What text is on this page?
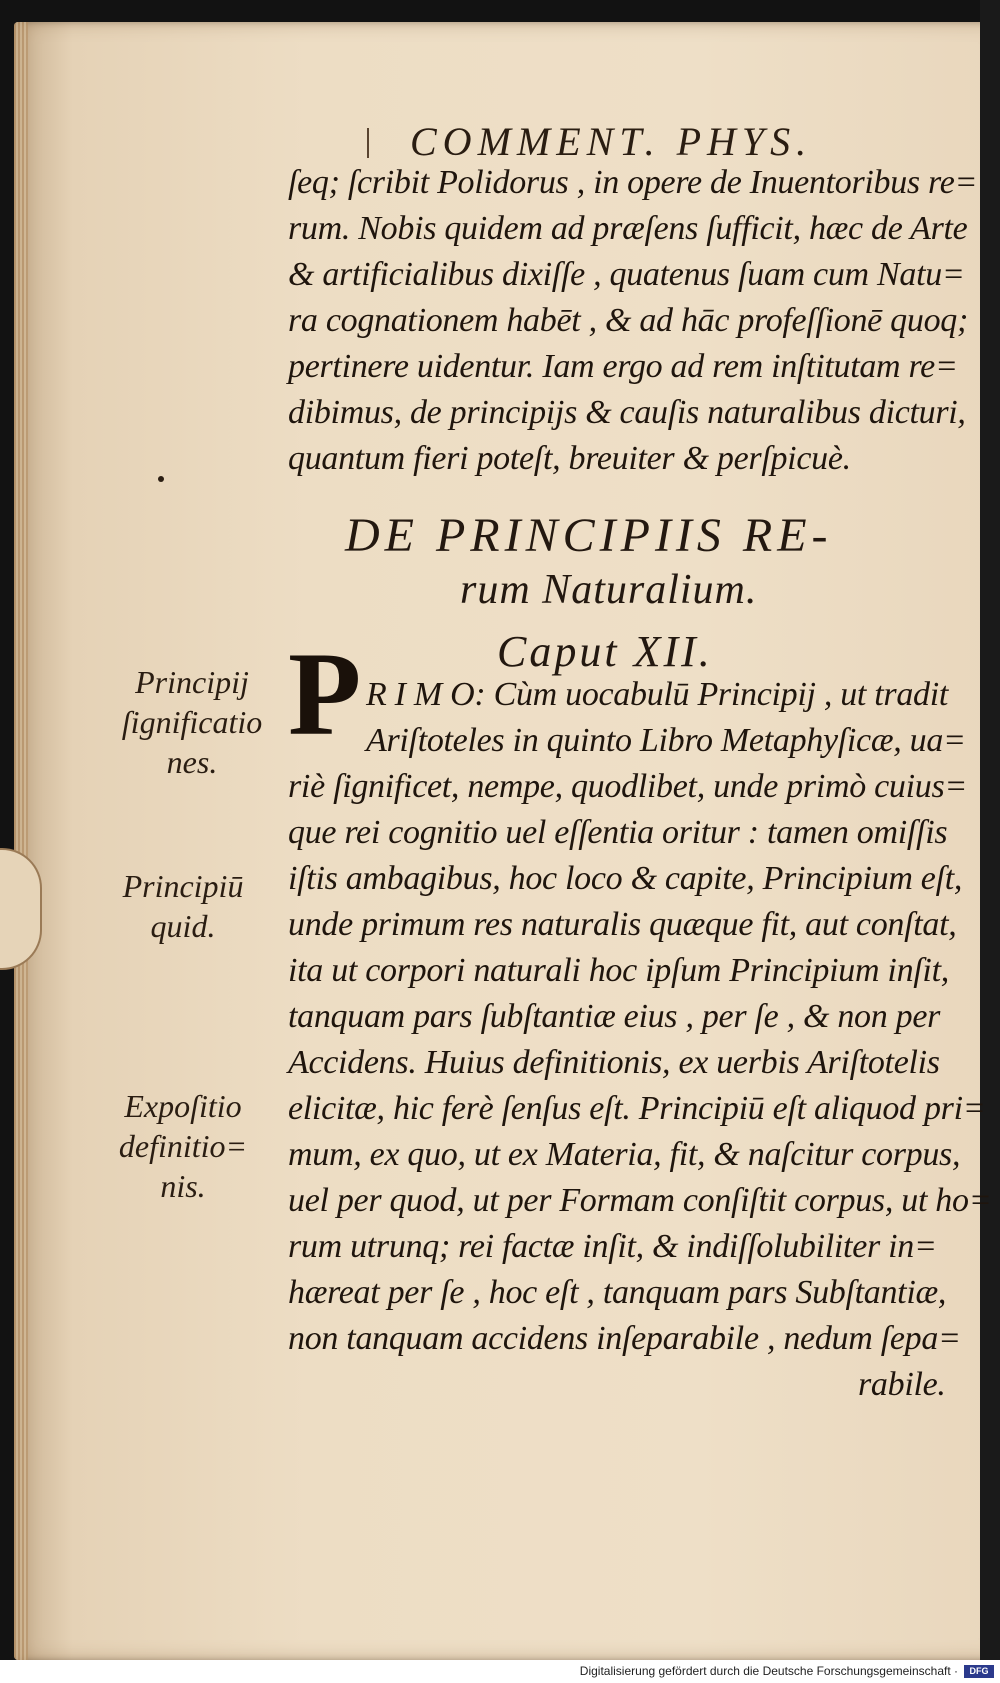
COMMENT. PHYS.
ſeq; ſcribit Polidorus , in opere de Inuentoribus re=
rum. Nobis quidem ad præſens ſufficit, hæc de Arte
& artificialibus dixiſſe , quatenus ſuam cum Natu=
ra cognationem habēt , & ad hāc profeſſionē quoq;
pertinere uidentur. Iam ergo ad rem inſtitutam re=
dibimus, de principijs & cauſis naturalibus dicturi,
quantum fieri poteſt, breuiter & perſpicuè.
DE PRINCIPIIS RE-
rum Naturalium.
Caput XII.
P R I M O: Cùm uocabulū Principij , ut tradit
Ariſtoteles in quinto Libro Metaphyſicæ, ua=
riè ſignificet, nempe, quodlibet, unde primò cuius=
que rei cognitio uel eſſentia oritur : tamen omiſſis
iſtis ambagibus, hoc loco & capite, Principium eſt,
unde primum res naturalis quæque fit, aut conſtat,
ita ut corpori naturali hoc ipſum Principium inſit,
tanquam pars ſubſtantiæ eius , per ſe , & non per
Accidens. Huius definitionis, ex uerbis Ariſtotelis
elicitæ, hic ferè ſenſus eſt. Principiū eſt aliquod pri=
mum, ex quo, ut ex Materia, fit, & naſcitur corpus,
uel per quod, ut per Formam conſiſtit corpus, ut ho=
rum utrunq; rei factæ inſit, & indiſſolubiliter in=
hæreat per ſe , hoc eſt , tanquam pars Subſtantiæ,
non tanquam accidens inſeparabile , nedum ſepa=
rabile.
Principij
ſignificatio
nes.
Principiū
quid.
Expoſitio
definitio=
nis.
Digitalisierung gefördert durch die Deutsche Forschungsgemeinschaft ·	DFG
